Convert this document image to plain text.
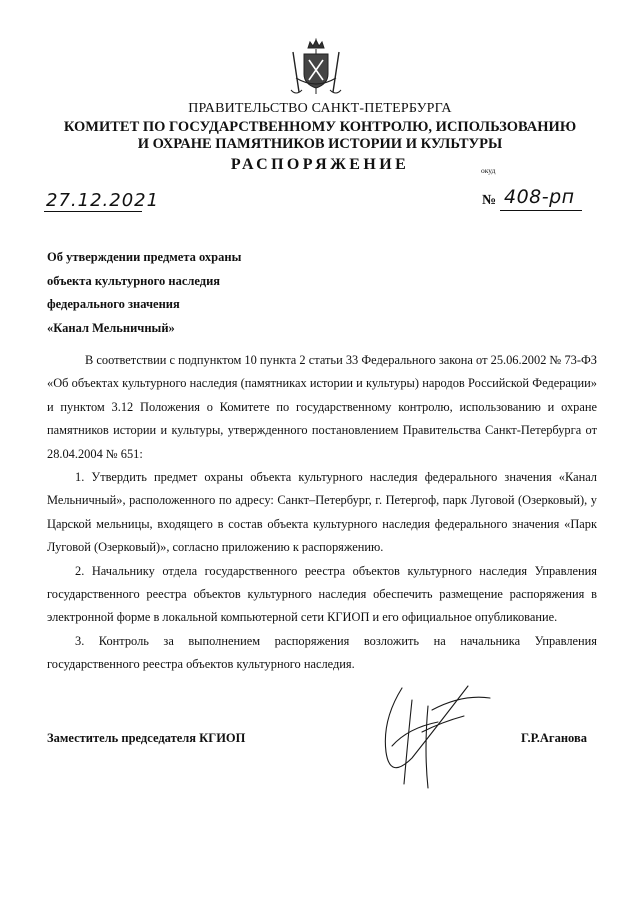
ПРАВИТЕЛЬСТВО САНКТ-ПЕТЕРБУРГА
КОМИТЕТ ПО ГОСУДАРСТВЕННОМУ КОНТРОЛЮ, ИСПОЛЬЗОВАНИЮ
И ОХРАНЕ ПАМЯТНИКОВ ИСТОРИИ И КУЛЬТУРЫ
РАСПОРЯЖЕНИЕ	окуд
27.12.2021	№ 408-рп
Об утверждении предмета охраны
объекта культурного наследия
федерального значения
«Канал Мельничный»

В соответствии с подпунктом 10 пункта 2 статьи 33 Федерального закона от 25.06.2002 № 73-ФЗ «Об объектах культурного наследия (памятниках истории и культуры) народов Российской Федерации» и пунктом 3.12 Положения о Комитете по государственному контролю, использованию и охране памятников истории и культуры, утвержденного постановлением Правительства Санкт-Петербурга от 28.04.2004 № 651:

1. Утвердить предмет охраны объекта культурного наследия федерального значения «Канал Мельничный», расположенного по адресу: Санкт–Петербург, г. Петергоф, парк Луговой (Озерковый), у Царской мельницы, входящего в состав объекта культурного наследия федерального значения «Парк Луговой (Озерковый)», согласно приложению к распоряжению.

2. Начальнику отдела государственного реестра объектов культурного наследия Управления государственного реестра объектов культурного наследия обеспечить размещение распоряжения в электронной форме в локальной компьютерной сети КГИОП и его официальное опубликование.

3. Контроль за выполнением распоряжения возложить на начальника Управления государственного реестра объектов культурного наследия.

Заместитель председателя КГИОП	Г.Р.Аганова
